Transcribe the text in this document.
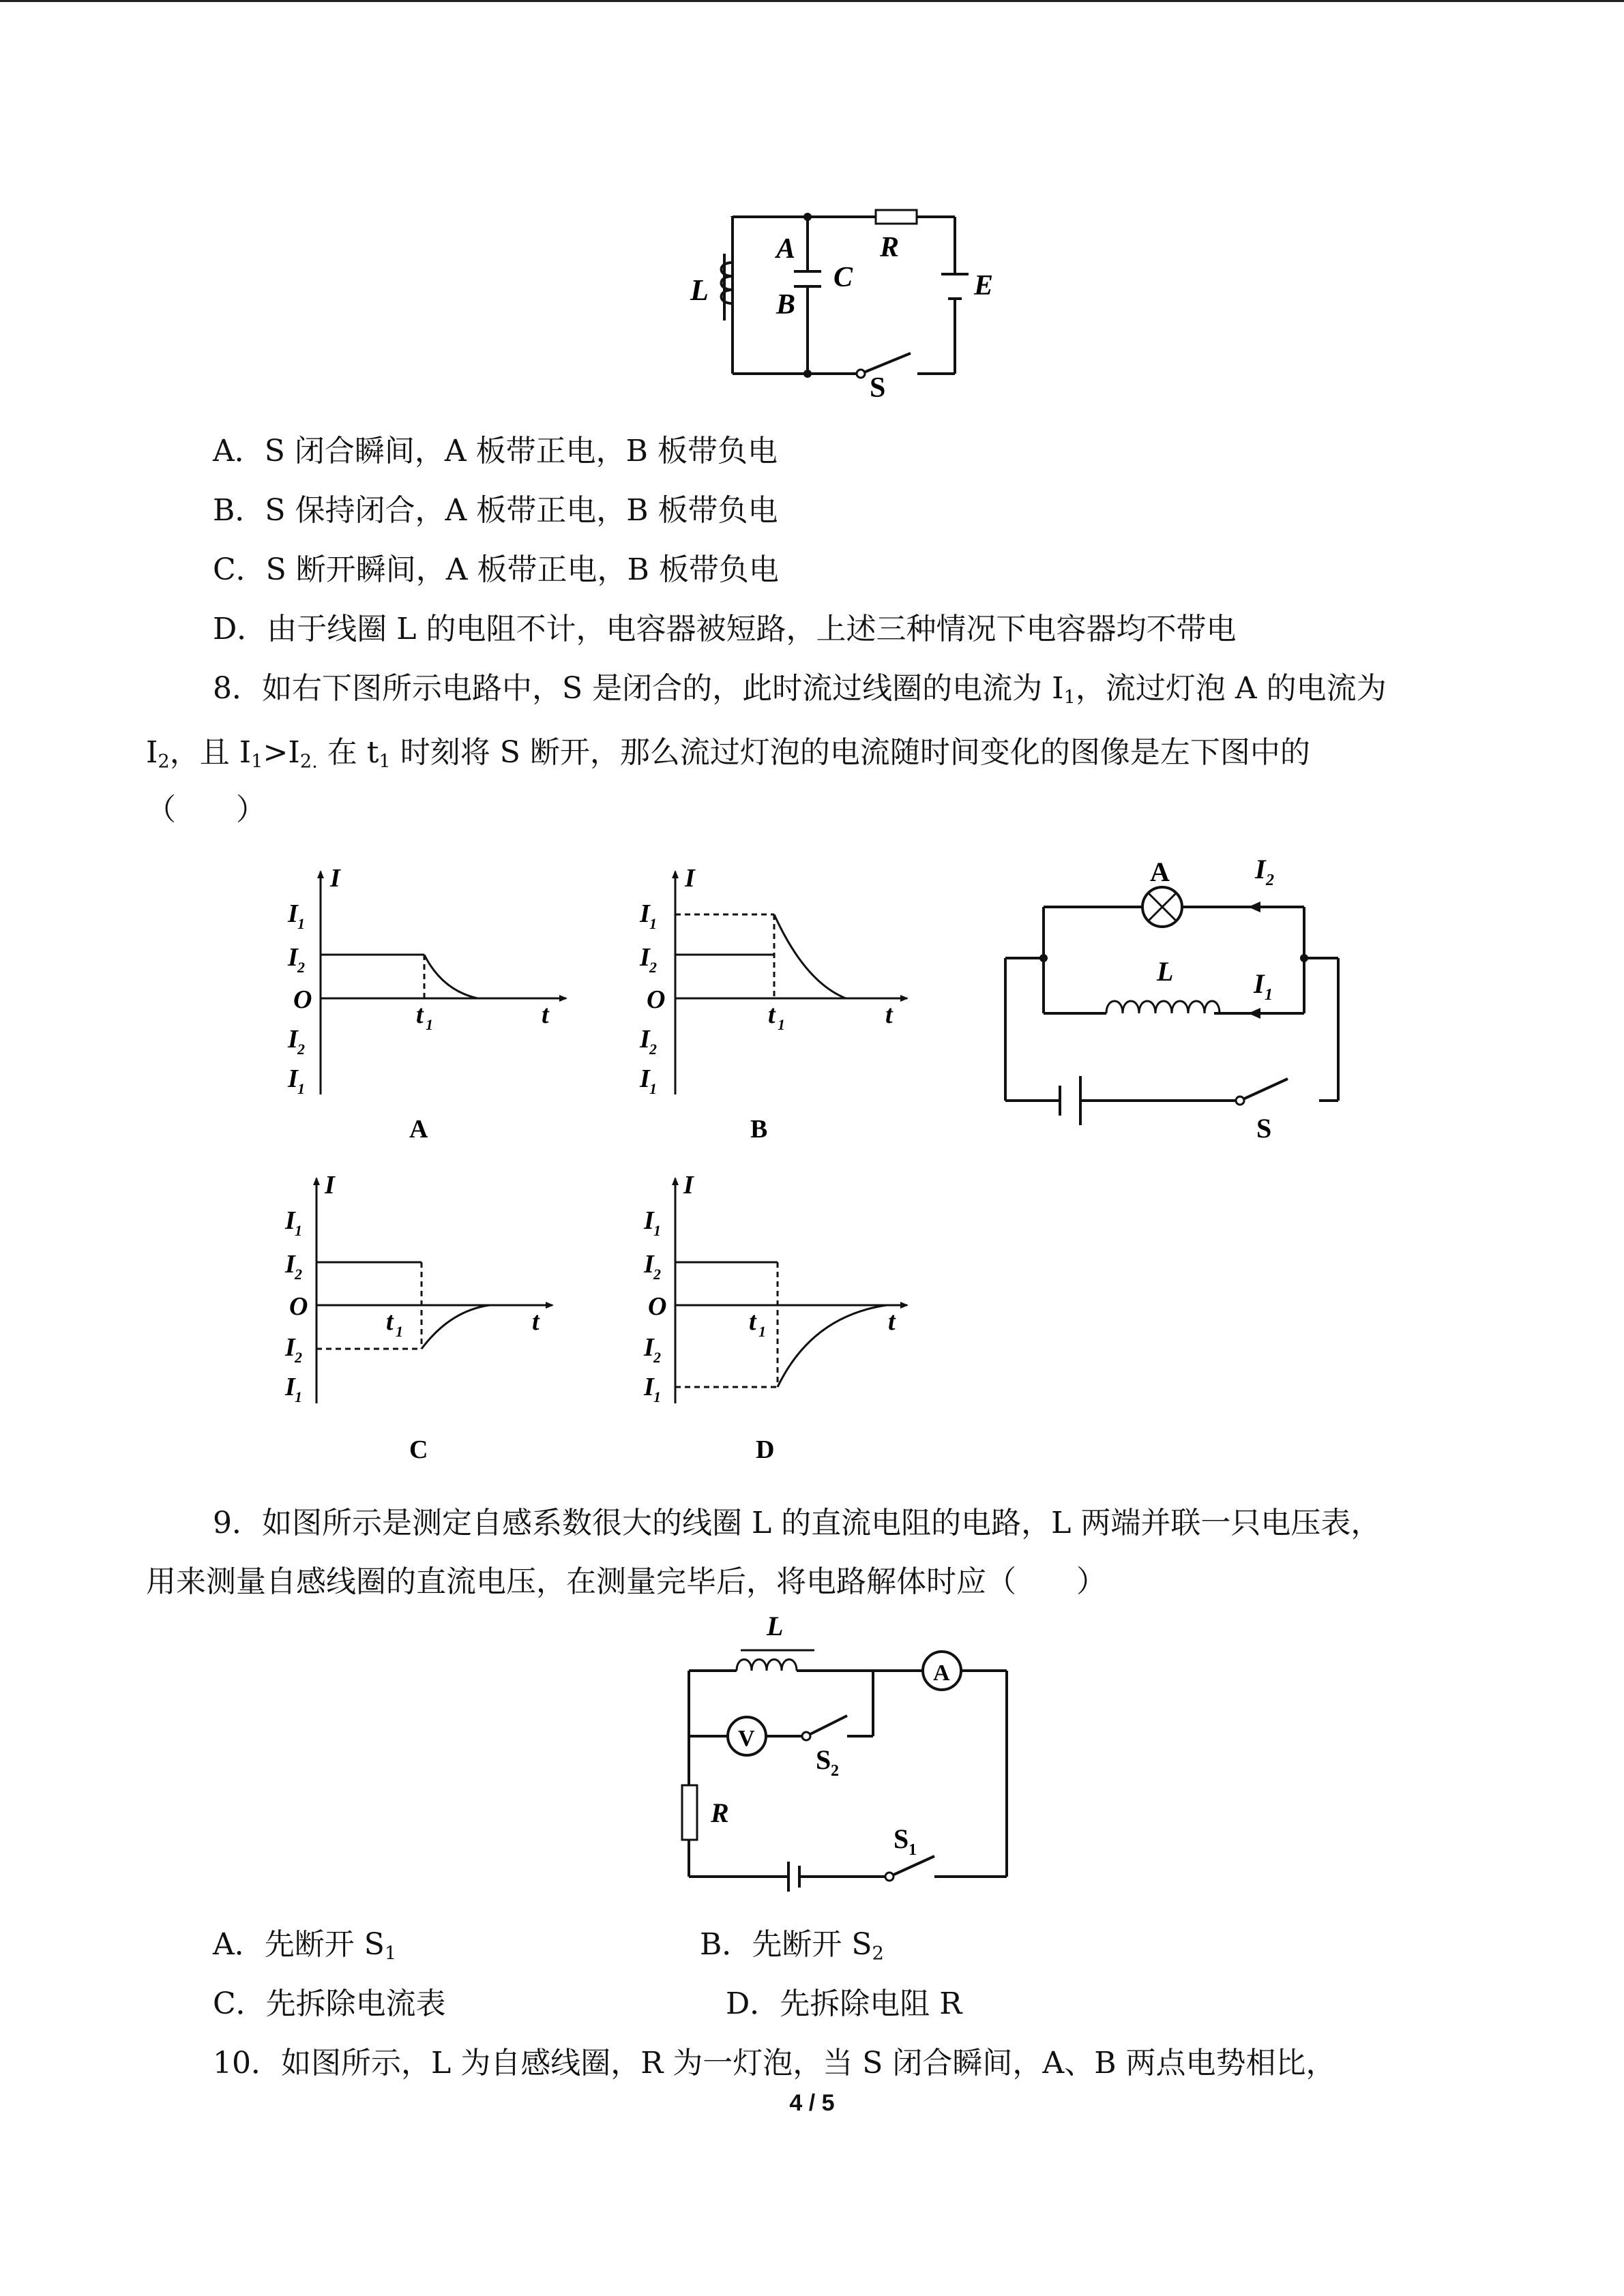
A
C
B
L
R
E
S
A．S 闭合瞬间，A 板带正电，B 板带负电
B．S 保持闭合，A 板带正电，B 板带负电
C．S 断开瞬间，A 板带正电，B 板带负电
D．由于线圈 L 的电阻不计，电容器被短路，上述三种情况下电容器均不带电
8．如右下图所示电路中，S 是闭合的，此时流过线圈的电流为 $I_1$，流过灯泡 A 的电流为
$I_2$，且 $I_1>I_{2.}$ 在 $t_1$ 时刻将 S 断开，那么流过灯泡的电流随时间变化的图像是左下图中的
（　　）
I
I 1
I 2
O
I 2
I 1
t 1	t
A
I
I 1
I 2
O
I 2
I 1
t 1	t
B
I
I 1
I 2
O
I 2
I 1
t 1	t
C
I
I 1
I 2
O
I 2
I 1
t 1	t
D
A	I 2
L	I 1
S
9．如图所示是测定自感系数很大的线圈 L 的直流电阻的电路，L 两端并联一只电压表，
用来测量自感线圈的直流电压，在测量完毕后，将电路解体时应（　　）
L
A
V
S 2
R
S 1
A．先断开 $S_1$	B．先断开 $S_2$
C．先拆除电流表	D．先拆除电阻 R
10．如图所示，L 为自感线圈，R 为一灯泡，当 S 闭合瞬间，A、B 两点电势相比，
4 / 5
